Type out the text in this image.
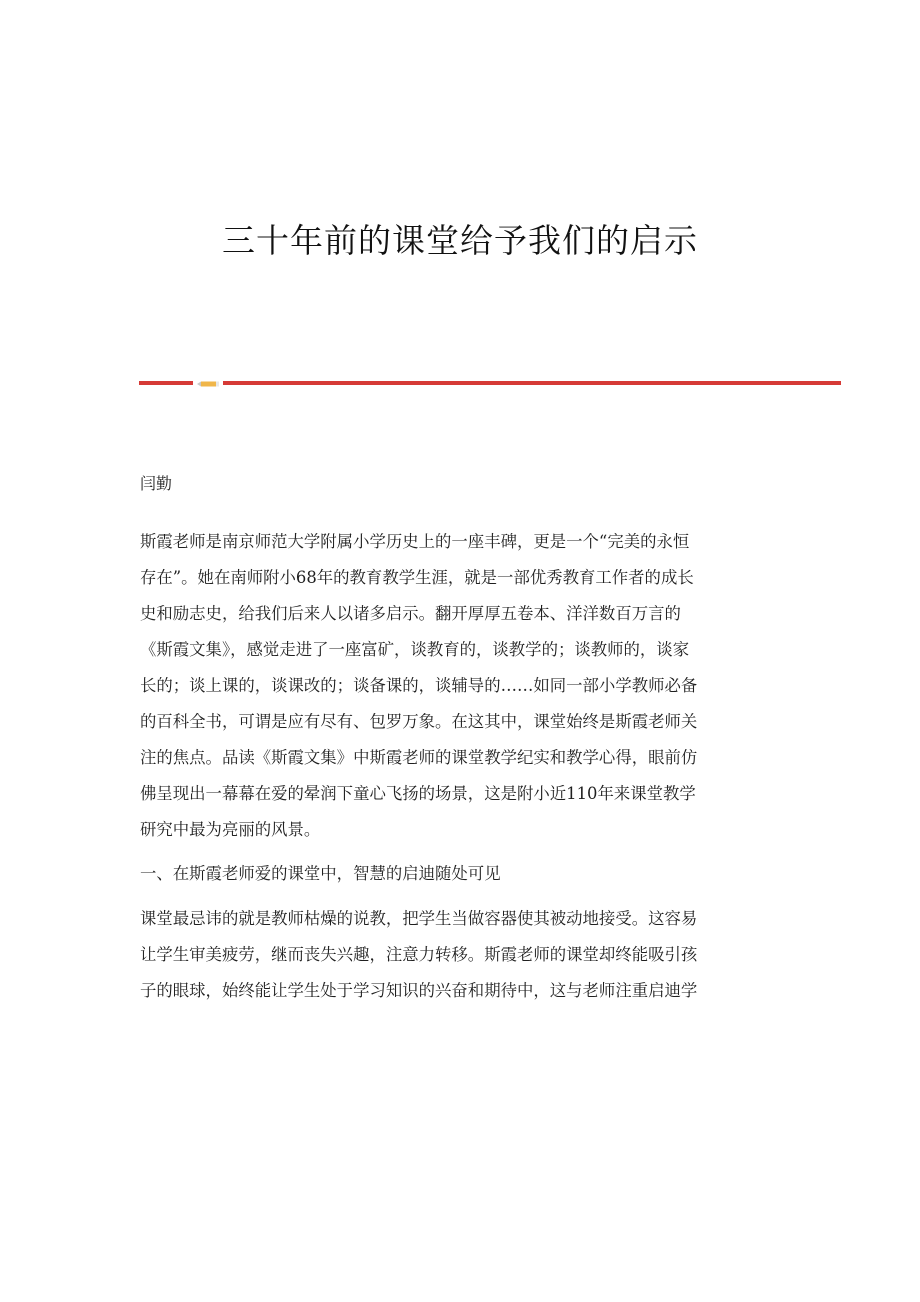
三十年前的课堂给予我们的启示
闫勤

斯霞老师是南京师范大学附属小学历史上的一座丰碑，更是一个“完美的永恒
存在”。她在南师附小68年的教育教学生涯，就是一部优秀教育工作者的成长
史和励志史，给我们后来人以诸多启示。翻开厚厚五卷本、洋洋数百万言的
《斯霞文集》，感觉走进了一座富矿，谈教育的，谈教学的；谈教师的，谈家
长的；谈上课的，谈课改的；谈备课的，谈辅导的……如同一部小学教师必备
的百科全书，可谓是应有尽有、包罗万象。在这其中，课堂始终是斯霞老师关
注的焦点。品读《斯霞文集》中斯霞老师的课堂教学纪实和教学心得，眼前仿
佛呈现出一幕幕在爱的晕润下童心飞扬的场景，这是附小近110年来课堂教学
研究中最为亮丽的风景。

一、在斯霞老师爱的课堂中，智慧的启迪随处可见

课堂最忌讳的就是教师枯燥的说教，把学生当做容器使其被动地接受。这容易
让学生审美疲劳，继而丧失兴趣，注意力转移。斯霞老师的课堂却终能吸引孩
子的眼球，始终能让学生处于学习知识的兴奋和期待中，这与老师注重启迪学
